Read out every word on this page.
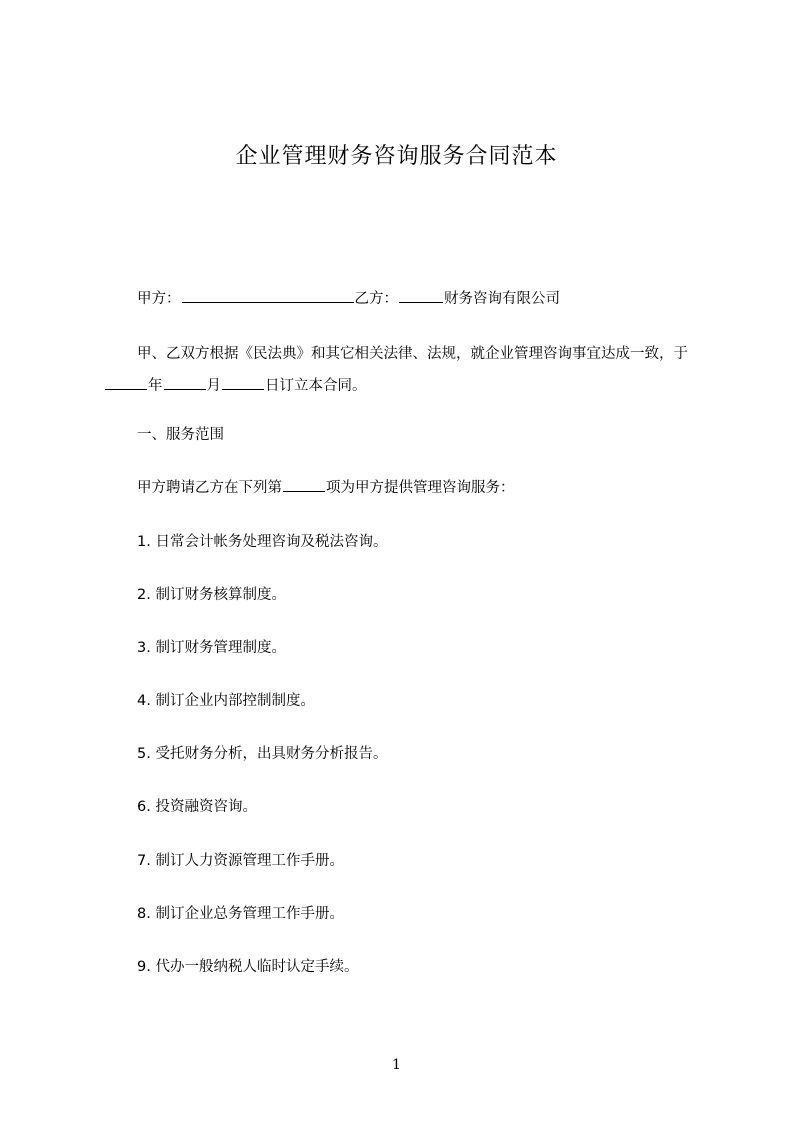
企业管理财务咨询服务合同范本
甲方：	乙方：	财务咨询有限公司
甲、乙双方根据《民法典》和其它相关法律、法规，就企业管理咨询事宜达成一致，于年	月	日订立本合同。
一、服务范围
甲方聘请乙方在下列第	项为甲方提供管理咨询服务：
1. 日常会计帐务处理咨询及税法咨询。
2. 制订财务核算制度。
3. 制订财务管理制度。
4. 制订企业内部控制制度。
5. 受托财务分析，出具财务分析报告。
6. 投资融资咨询。
7. 制订人力资源管理工作手册。
8. 制订企业总务管理工作手册。
9. 代办一般纳税人临时认定手续。
1
